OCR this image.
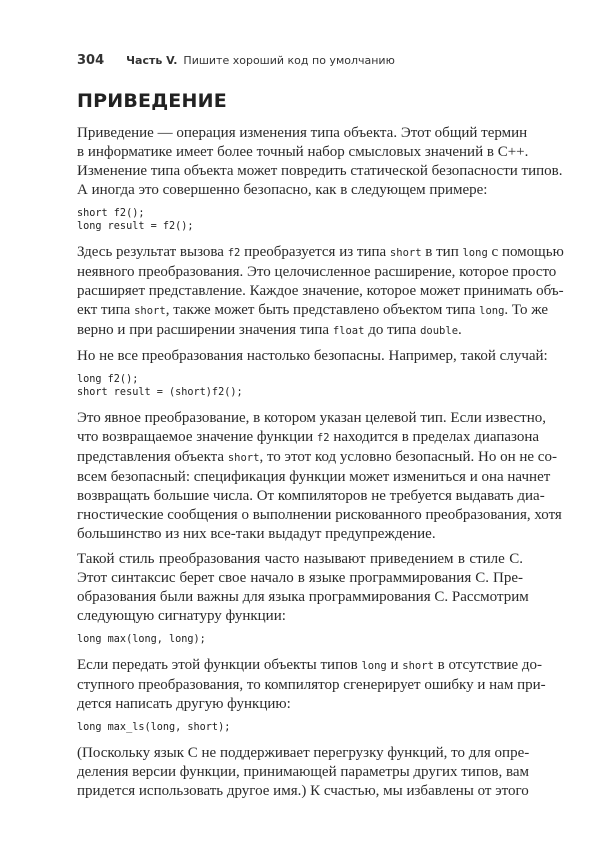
304 Часть V. Пишите хороший код по умолчанию
ПРИВЕДЕНИЕ
Приведение — операция изменения типа объекта. Этот общий термин
в информатике имеет более точный набор смысловых значений в C++.
Изменение типа объекта может повредить статической безопасности типов.
А иногда это совершенно безопасно, как в следующем примере:
short f2();
long result = f2();
Здесь результат вызова f2 преобразуется из типа short в тип long с помощью
неявного преобразования. Это целочисленное расширение, которое просто
расширяет представление. Каждое значение, которое может принимать объ-
ект типа short, также может быть представлено объектом типа long. То же
верно и при расширении значения типа float до типа double.
Но не все преобразования настолько безопасны. Например, такой случай:
long f2();
short result = (short)f2();
Это явное преобразование, в котором указан целевой тип. Если известно,
что возвращаемое значение функции f2 находится в пределах диапазона
представления объекта short, то этот код условно безопасный. Но он не со-
всем безопасный: спецификация функции может измениться и она начнет
возвращать большие числа. От компиляторов не требуется выдавать диа-
гностические сообщения о выполнении рискованного преобразования, хотя
большинство из них все-таки выдадут предупреждение.
Такой стиль преобразования часто называют приведением в стиле C.
Этот синтаксис берет свое начало в языке программирования C. Пре-
образования были важны для языка программирования C. Рассмотрим
следующую сигнатуру функции:
long max(long, long);
Если передать этой функции объекты типов long и short в отсутствие до-
ступного преобразования, то компилятор сгенерирует ошибку и нам при-
дется написать другую функцию:
long max_ls(long, short);
(Поскольку язык C не поддерживает перегрузку функций, то для опре-
деления версии функции, принимающей параметры других типов, вам
придется использовать другое имя.) К счастью, мы избавлены от этого
